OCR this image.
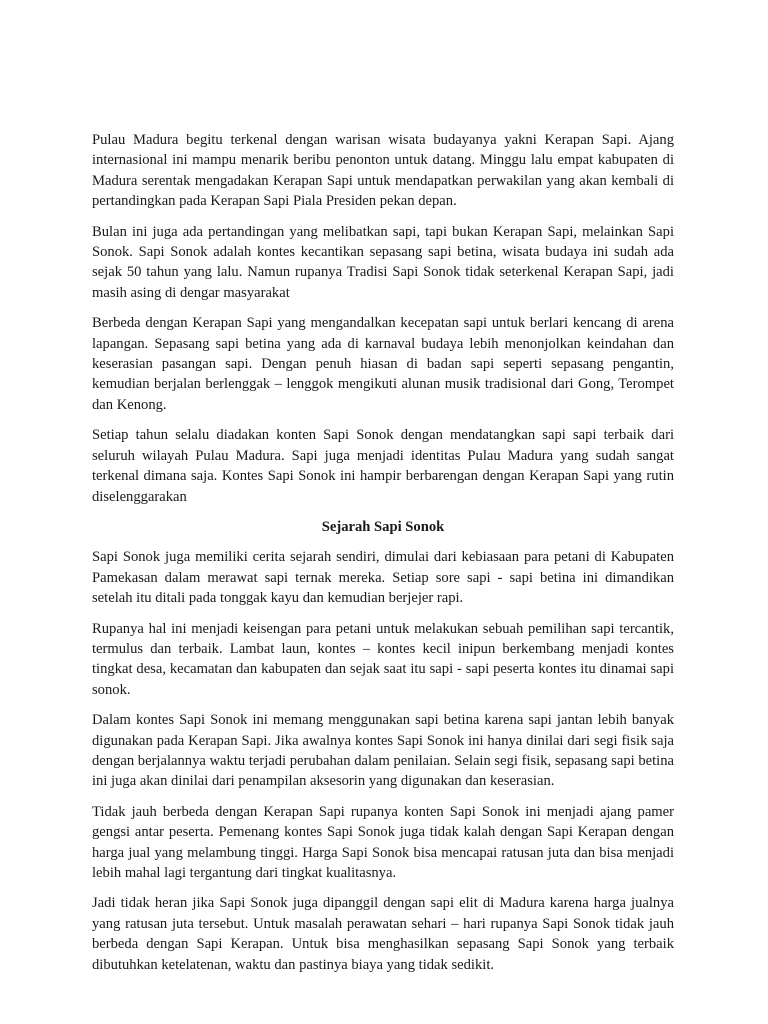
Pulau Madura begitu terkenal dengan warisan wisata budayanya yakni Kerapan Sapi. Ajang internasional ini mampu menarik beribu penonton untuk datang. Minggu lalu empat kabupaten di Madura serentak mengadakan Kerapan Sapi untuk mendapatkan perwakilan yang akan kembali di pertandingkan pada Kerapan Sapi Piala Presiden pekan depan.

Bulan ini juga ada pertandingan yang melibatkan sapi, tapi bukan Kerapan Sapi, melainkan Sapi Sonok. Sapi Sonok adalah kontes kecantikan sepasang sapi betina, wisata budaya ini sudah ada sejak 50 tahun yang lalu. Namun rupanya Tradisi Sapi Sonok tidak seterkenal Kerapan Sapi, jadi masih asing di dengar masyarakat

Berbeda dengan Kerapan Sapi yang mengandalkan kecepatan sapi untuk berlari kencang di arena lapangan. Sepasang sapi betina yang ada di karnaval budaya lebih menonjolkan keindahan dan keserasian pasangan sapi. Dengan penuh hiasan di badan sapi seperti sepasang pengantin, kemudian berjalan berlenggak – lenggok mengikuti alunan musik tradisional dari Gong, Terompet dan Kenong.

Setiap tahun selalu diadakan konten Sapi Sonok dengan mendatangkan sapi sapi terbaik dari seluruh wilayah Pulau Madura. Sapi juga menjadi identitas Pulau Madura yang sudah sangat terkenal dimana saja. Kontes Sapi Sonok ini hampir berbarengan dengan Kerapan Sapi yang rutin diselenggarakan

Sejarah Sapi Sonok

Sapi Sonok juga memiliki cerita sejarah sendiri, dimulai dari kebiasaan para petani di Kabupaten Pamekasan dalam merawat sapi ternak mereka. Setiap sore sapi - sapi betina ini dimandikan setelah itu ditali pada tonggak kayu dan kemudian berjejer rapi.

Rupanya hal ini menjadi keisengan para petani untuk melakukan sebuah pemilihan sapi tercantik, termulus dan terbaik. Lambat laun, kontes – kontes kecil inipun berkembang menjadi kontes tingkat desa, kecamatan dan kabupaten dan sejak saat itu sapi - sapi peserta kontes itu dinamai sapi sonok.

Dalam kontes Sapi Sonok ini memang menggunakan sapi betina karena sapi jantan lebih banyak digunakan pada Kerapan Sapi. Jika awalnya kontes Sapi Sonok ini hanya dinilai dari segi fisik saja dengan berjalannya waktu terjadi perubahan dalam penilaian. Selain segi fisik, sepasang sapi betina ini juga akan dinilai dari penampilan aksesorin yang digunakan dan keserasian.

Tidak jauh berbeda dengan Kerapan Sapi rupanya konten Sapi Sonok ini menjadi ajang pamer gengsi antar peserta. Pemenang kontes Sapi Sonok juga tidak kalah dengan Sapi Kerapan dengan harga jual yang melambung tinggi. Harga Sapi Sonok bisa mencapai ratusan juta dan bisa menjadi lebih mahal lagi tergantung dari tingkat kualitasnya.

Jadi tidak heran jika Sapi Sonok juga dipanggil dengan sapi elit di Madura karena harga jualnya yang ratusan juta tersebut. Untuk masalah perawatan sehari – hari rupanya Sapi Sonok tidak jauh berbeda dengan Sapi Kerapan. Untuk bisa menghasilkan sepasang Sapi Sonok yang terbaik dibutuhkan ketelatenan, waktu dan pastinya biaya yang tidak sedikit.
